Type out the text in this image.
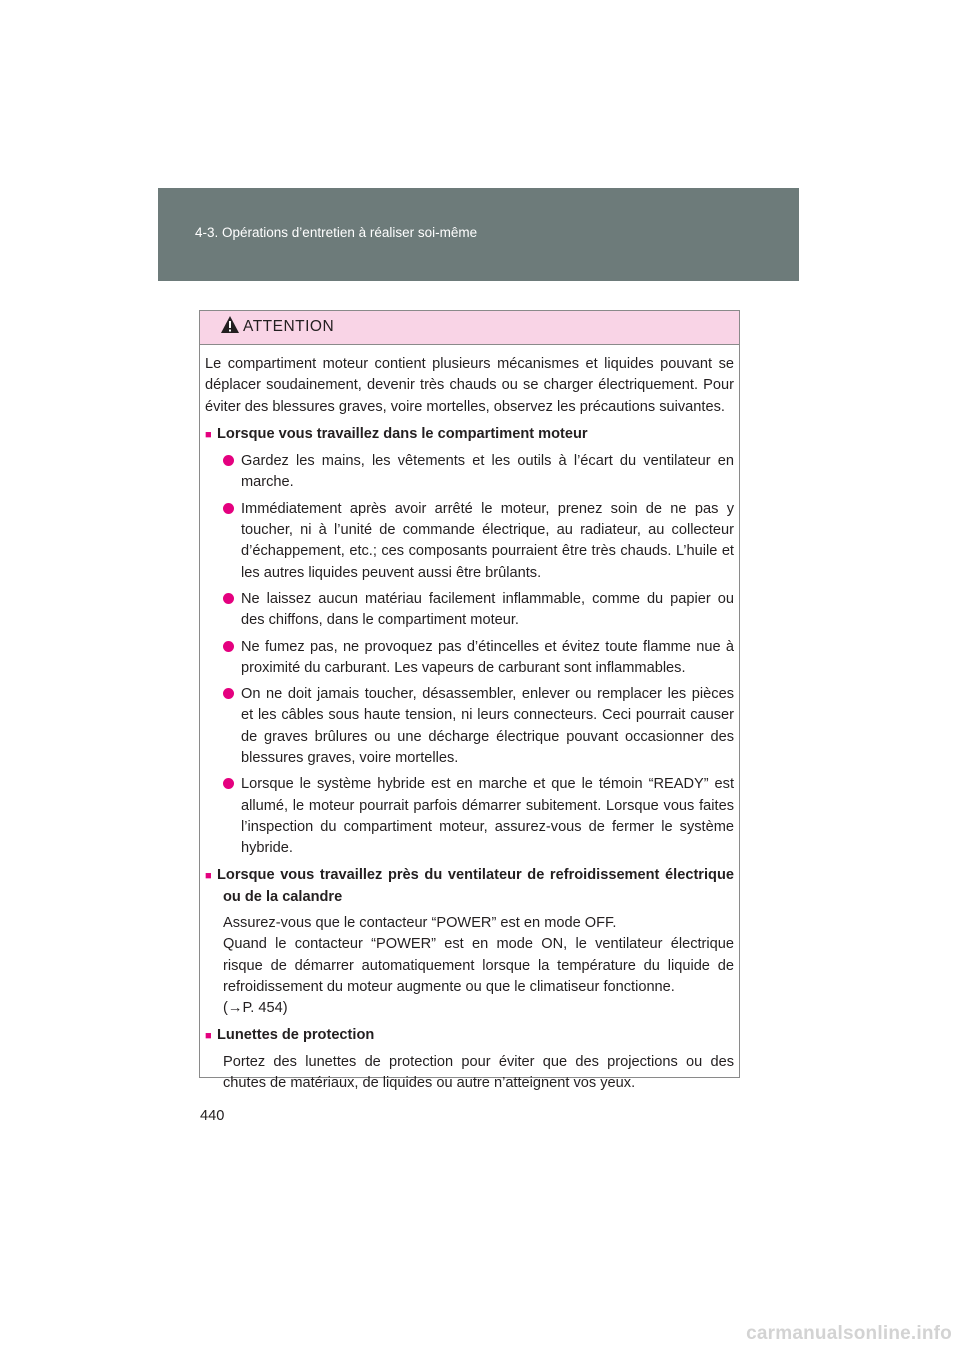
4-3. Opérations d’entretien à réaliser soi-même
ATTENTION

Le compartiment moteur contient plusieurs mécanismes et liquides pouvant se déplacer soudainement, devenir très chauds ou se charger électriquement. Pour éviter des blessures graves, voire mortelles, observez les précautions suivantes.

■Lorsque vous travaillez dans le compartiment moteur

Gardez les mains, les vêtements et les outils à l’écart du ventilateur en marche.

Immédiatement après avoir arrêté le moteur, prenez soin de ne pas y toucher, ni à l’unité de commande électrique, au radiateur, au collecteur d’échappement, etc.; ces composants pourraient être très chauds. L’huile et les autres liquides peuvent aussi être brûlants.

Ne laissez aucun matériau facilement inflammable, comme du papier ou des chiffons, dans le compartiment moteur.

Ne fumez pas, ne provoquez pas d’étincelles et évitez toute flamme nue à proximité du carburant. Les vapeurs de carburant sont inflammables.

On ne doit jamais toucher, désassembler, enlever ou remplacer les pièces et les câbles sous haute tension, ni leurs connecteurs. Ceci pourrait causer de graves brûlures ou une décharge électrique pouvant occasionner des blessures graves, voire mortelles.

Lorsque le système hybride est en marche et que le témoin “READY” est allumé, le moteur pourrait parfois démarrer subitement. Lorsque vous faites l’inspection du compartiment moteur, assurez-vous de fermer le système hybride.

■Lorsque vous travaillez près du ventilateur de refroidissement électrique ou de la calandre

Assurez-vous que le contacteur “POWER” est en mode OFF.
Quand le contacteur “POWER” est en mode ON, le ventilateur électrique risque de démarrer automatiquement lorsque la température du liquide de refroidissement du moteur augmente ou que le climatiseur fonctionne.
(→P. 454)

■Lunettes de protection

Portez des lunettes de protection pour éviter que des projections ou des chutes de matériaux, de liquides ou autre n’atteignent vos yeux.

440
carmanualsonline.info
